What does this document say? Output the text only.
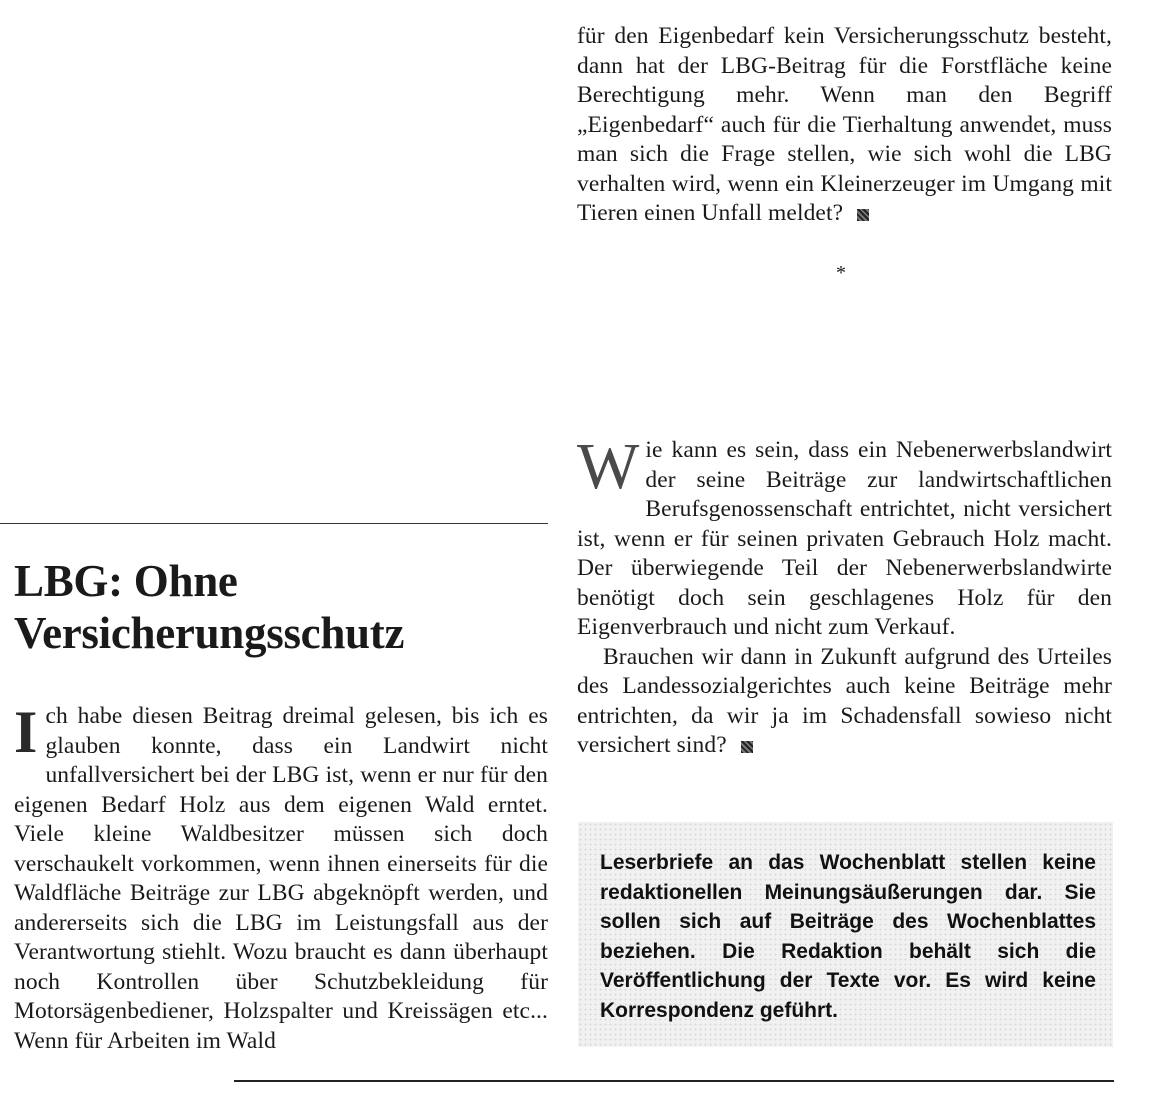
für den Eigenbedarf kein Versicherungsschutz besteht, dann hat der LBG-Beitrag für die Forstfläche keine Berechtigung mehr. Wenn man den Begriff „Eigenbedarf“ auch für die Tierhaltung anwendet, muss man sich die Frage stellen, wie sich wohl die LBG verhalten wird, wenn ein Kleinerzeuger im Umgang mit Tieren einen Unfall meldet?

*

Wie kann es sein, dass ein Nebenerwerbslandwirt der seine Beiträge zur landwirtschaftlichen Berufsgenossenschaft entrichtet, nicht versichert ist, wenn er für seinen privaten Gebrauch Holz macht. Der überwiegende Teil der Nebenerwerbslandwirte benötigt doch sein geschlagenes Holz für den Eigenverbrauch und nicht zum Verkauf.

Brauchen wir dann in Zukunft aufgrund des Urteiles des Landessozialgerichtes auch keine Beiträge mehr entrichten, da wir ja im Schadensfall sowieso nicht versichert sind?

LBG: Ohne Versicherungsschutz

Ich habe diesen Beitrag dreimal gelesen, bis ich es glauben konnte, dass ein Landwirt nicht unfallversichert bei der LBG ist, wenn er nur für den eigenen Bedarf Holz aus dem eigenen Wald erntet. Viele kleine Waldbesitzer müssen sich doch verschaukelt vorkommen, wenn ihnen einerseits für die Waldfläche Beiträge zur LBG abgeknöpft werden, und andererseits sich die LBG im Leistungsfall aus der Verantwortung stiehlt. Wozu braucht es dann überhaupt noch Kontrollen über Schutzbekleidung für Motorsägenbediener, Holzspalter und Kreissägen etc... Wenn für Arbeiten im Wald

Leserbriefe an das Wochenblatt stellen keine redaktionellen Meinungsäußerungen dar. Sie sollen sich auf Beiträge des Wochenblattes beziehen. Die Redaktion behält sich die Veröffentlichung der Texte vor. Es wird keine Korrespondenz geführt.
